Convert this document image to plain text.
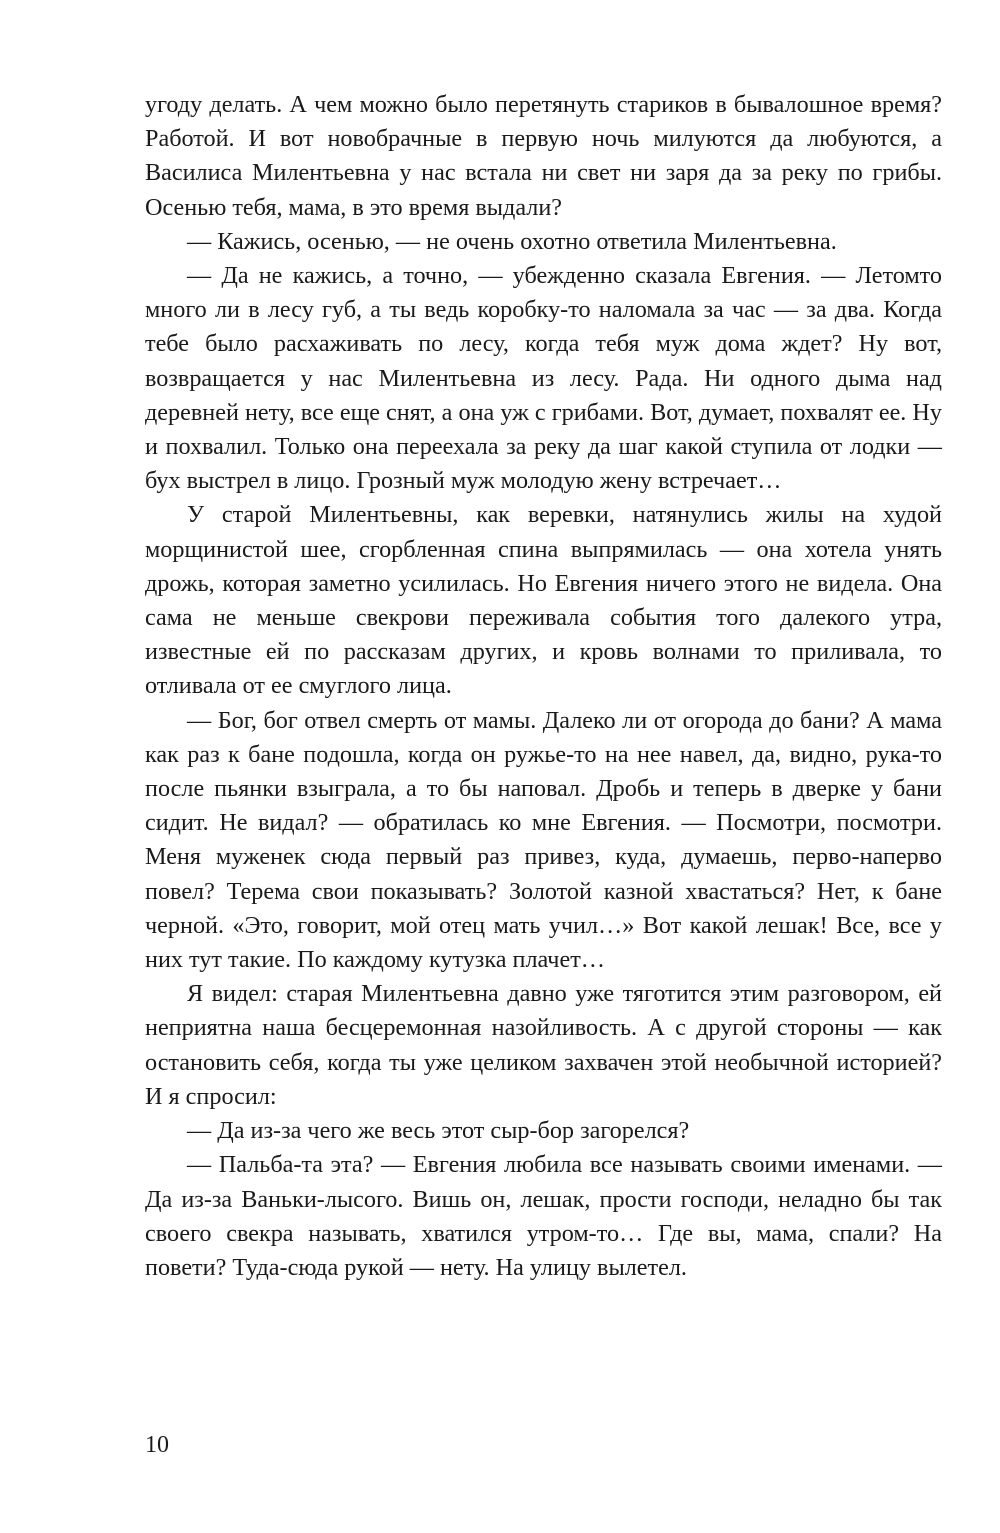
угоду делать. А чем можно было перетянуть стариков в бывалошное время? Работой. И вот новобрачные в первую ночь милуются да любуются, а Василиса Милентьевна у нас встала ни свет ни заря да за реку по грибы. Осенью тебя, мама, в это время выдали?

— Кажись, осенью, — не очень охотно ответила Милентьевна.

— Да не кажись, а точно, — убежденно сказала Евгения. — Летомто много ли в лесу губ, а ты ведь коробку-то наломала за час — за два. Когда тебе было расхаживать по лесу, когда тебя муж дома ждет? Ну вот, возвращается у нас Милентьевна из лесу. Рада. Ни одного дыма над деревней нету, все еще снят, а она уж с грибами. Вот, думает, похвалят ее. Ну и похвалил. Только она переехала за реку да шаг какой ступила от лодки — бух выстрел в лицо. Грозный муж молодую жену встречает…

У старой Милентьевны, как веревки, натянулись жилы на худой морщинистой шее, сгорбленная спина выпрямилась — она хотела унять дрожь, которая заметно усилилась. Но Евгения ничего этого не видела. Она сама не меньше свекрови переживала события того далекого утра, известные ей по рассказам других, и кровь волнами то приливала, то отливала от ее смуглого лица.

— Бог, бог отвел смерть от мамы. Далеко ли от огорода до бани? А мама как раз к бане подошла, когда он ружье-то на нее навел, да, видно, рука-то после пьянки взыграла, а то бы наповал. Дробь и теперь в дверке у бани сидит. Не видал? — обратилась ко мне Евгения. — Посмотри, посмотри. Меня муженек сюда первый раз привез, куда, думаешь, перво-наперво повел? Терема свои показывать? Золотой казной хвастаться? Нет, к бане черной. «Это, говорит, мой отец мать учил…» Вот какой лешак! Все, все у них тут такие. По каждому кутузка плачет…

Я видел: старая Милентьевна давно уже тяготится этим разговором, ей неприятна наша бесцеремонная назойливость. А с другой стороны — как остановить себя, когда ты уже целиком захвачен этой необычной историей? И я спросил:

— Да из-за чего же весь этот сыр-бор загорелся?

— Пальба-та эта? — Евгения любила все называть своими именами. — Да из-за Ваньки-лысого. Вишь он, лешак, прости господи, неладно бы так своего свекра называть, хватился утром-то… Где вы, мама, спали? На повети? Туда-сюда рукой — нету. На улицу вылетел.

10
